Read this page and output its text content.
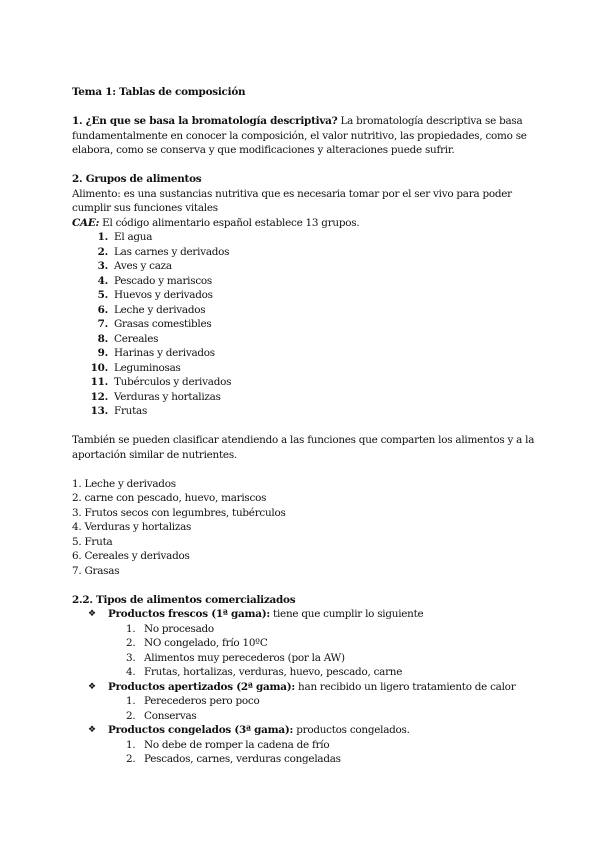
Tema 1: Tablas de composición
1. ¿En que se basa la bromatología descriptiva? La bromatología descriptiva se basa
fundamentalmente en conocer la composición, el valor nutritivo, las propiedades, como se
elabora, como se conserva y que modificaciones y alteraciones puede sufrir.
2. Grupos de alimentos
Alimento: es una sustancias nutritiva que es necesaria tomar por el ser vivo para poder
cumplir sus funciones vitales
CAE: El código alimentario español establece 13 grupos.
1. El agua
2. Las carnes y derivados
3. Aves y caza
4. Pescado y mariscos
5. Huevos y derivados
6. Leche y derivados
7. Grasas comestibles
8. Cereales
9. Harinas y derivados
10. Leguminosas
11. Tubérculos y derivados
12. Verduras y hortalizas
13. Frutas
También se pueden clasificar atendiendo a las funciones que comparten los alimentos y a la
aportación similar de nutrientes.
1. Leche y derivados
2. carne con pescado, huevo, mariscos
3. Frutos secos con legumbres, tubérculos
4. Verduras y hortalizas
5. Fruta
6. Cereales y derivados
7. Grasas
2.2. Tipos de alimentos comercializados
❖	Productos frescos (1ª gama): tiene que cumplir lo siguiente
1. No procesado
2. NO congelado, frío 10ºC
3. Alimentos muy perecederos (por la AW)
4. Frutas, hortalizas, verduras, huevo, pescado, carne
❖	Productos apertizados (2ª gama): han recibido un ligero tratamiento de calor
1. Perecederos pero poco
2. Conservas
❖	Productos congelados (3ª gama): productos congelados.
1. No debe de romper la cadena de frío
2. Pescados, carnes, verduras congeladas
